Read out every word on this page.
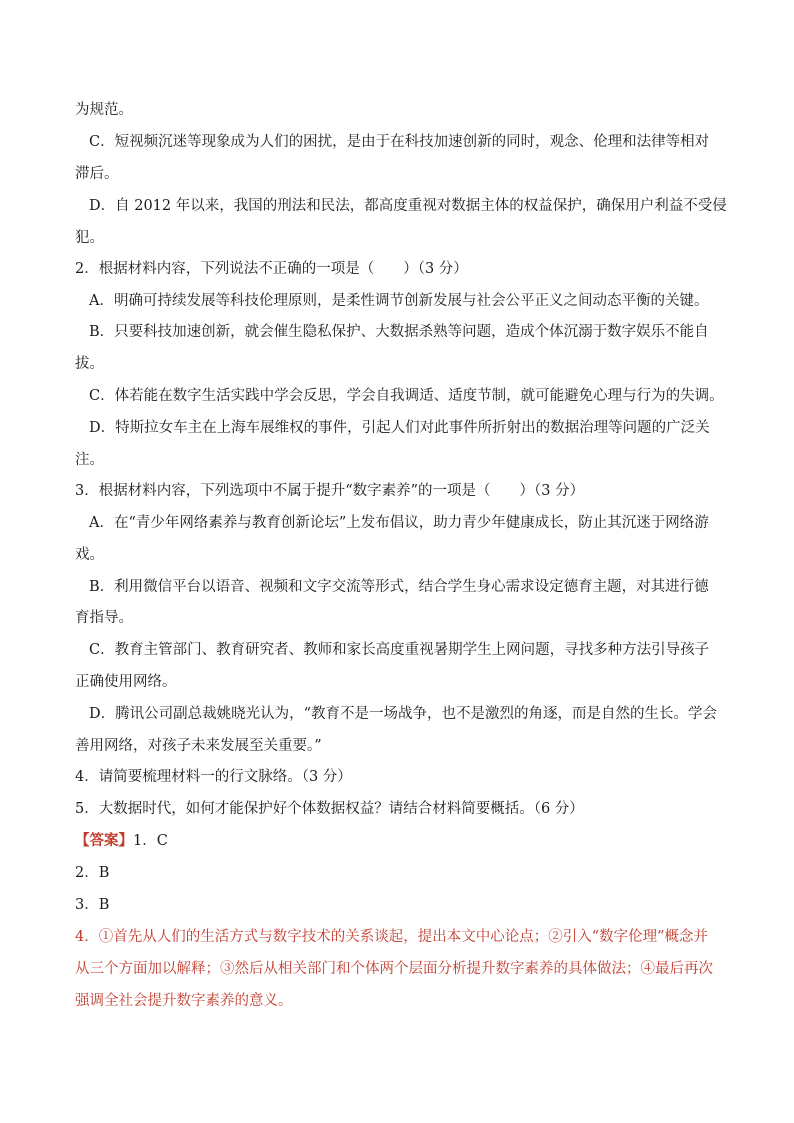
为规范。
C．短视频沉迷等现象成为人们的困扰，是由于在科技加速创新的同时，观念、伦理和法律等相对
滞后。
D．自 2012 年以来，我国的刑法和民法，都高度重视对数据主体的权益保护，确保用户利益不受侵
犯。
2．根据材料内容，下列说法不正确的一项是（　　）（3 分）
A．明确可持续发展等科技伦理原则，是柔性调节创新发展与社会公平正义之间动态平衡的关键。
B．只要科技加速创新，就会催生隐私保护、大数据杀熟等问题，造成个体沉溺于数字娱乐不能自
拔。
C．体若能在数字生活实践中学会反思，学会自我调适、适度节制，就可能避免心理与行为的失调。
D．特斯拉女车主在上海车展维权的事件，引起人们对此事件所折射出的数据治理等问题的广泛关
注。
3．根据材料内容，下列选项中不属于提升“数字素养”的一项是（　　）（3 分）
A．在“青少年网络素养与教育创新论坛”上发布倡议，助力青少年健康成长，防止其沉迷于网络游
戏。
B．利用微信平台以语音、视频和文字交流等形式，结合学生身心需求设定德育主题，对其进行德
育指导。
C．教育主管部门、教育研究者、教师和家长高度重视暑期学生上网问题，寻找多种方法引导孩子
正确使用网络。
D．腾讯公司副总裁姚晓光认为，“教育不是一场战争，也不是激烈的角逐，而是自然的生长。学会
善用网络，对孩子未来发展至关重要。”
4．请简要梳理材料一的行文脉络。（3 分）
5．大数据时代，如何才能保护好个体数据权益？请结合材料简要概括。（6 分）
【答案】1．C
2．B
3．B
4．①首先从人们的生活方式与数字技术的关系谈起，提出本文中心论点；②引入“数字伦理”概念并
从三个方面加以解释；③然后从相关部门和个体两个层面分析提升数字素养的具体做法；④最后再次
强调全社会提升数字素养的意义。
